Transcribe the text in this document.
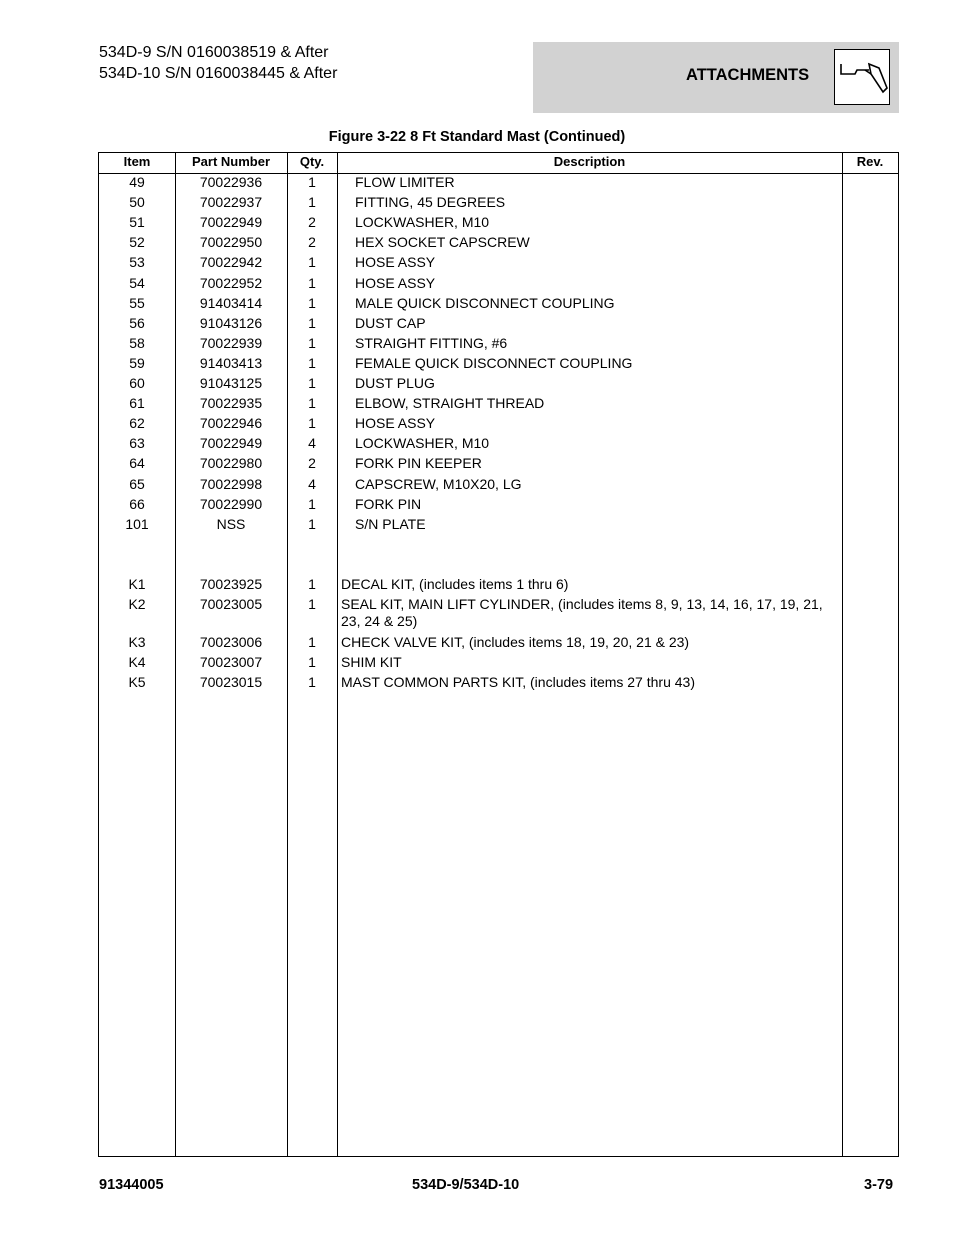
534D-9 S/N 0160038519 & After
534D-10 S/N 0160038445 & After	ATTACHMENTS
Figure 3-22 8 Ft Standard Mast (Continued)
Item	Part Number	Qty.	Description	Rev.
49	70022936	1	FLOW LIMITER
50	70022937	1	FITTING, 45 DEGREES
51	70022949	2	LOCKWASHER, M10
52	70022950	2	HEX SOCKET CAPSCREW
53	70022942	1	HOSE ASSY
54	70022952	1	HOSE ASSY
55	91403414	1	MALE QUICK DISCONNECT COUPLING
56	91043126	1	DUST CAP
58	70022939	1	STRAIGHT FITTING, #6
59	91403413	1	FEMALE QUICK DISCONNECT COUPLING
60	91043125	1	DUST PLUG
61	70022935	1	ELBOW, STRAIGHT THREAD
62	70022946	1	HOSE ASSY
63	70022949	4	LOCKWASHER, M10
64	70022980	2	FORK PIN KEEPER
65	70022998	4	CAPSCREW, M10X20, LG
66	70022990	1	FORK PIN
101	NSS	1	S/N PLATE
K1	70023925	1	DECAL KIT, (includes items 1 thru 6)
K2	70023005	1	SEAL KIT, MAIN LIFT CYLINDER, (includes items 8, 9, 13, 14, 16, 17, 19, 21, 23, 24 & 25)
K3	70023006	1	CHECK VALVE KIT, (includes items 18, 19, 20, 21 & 23)
K4	70023007	1	SHIM KIT
K5	70023015	1	MAST COMMON PARTS KIT, (includes items 27 thru 43)
91344005	534D-9/534D-10	3-79
